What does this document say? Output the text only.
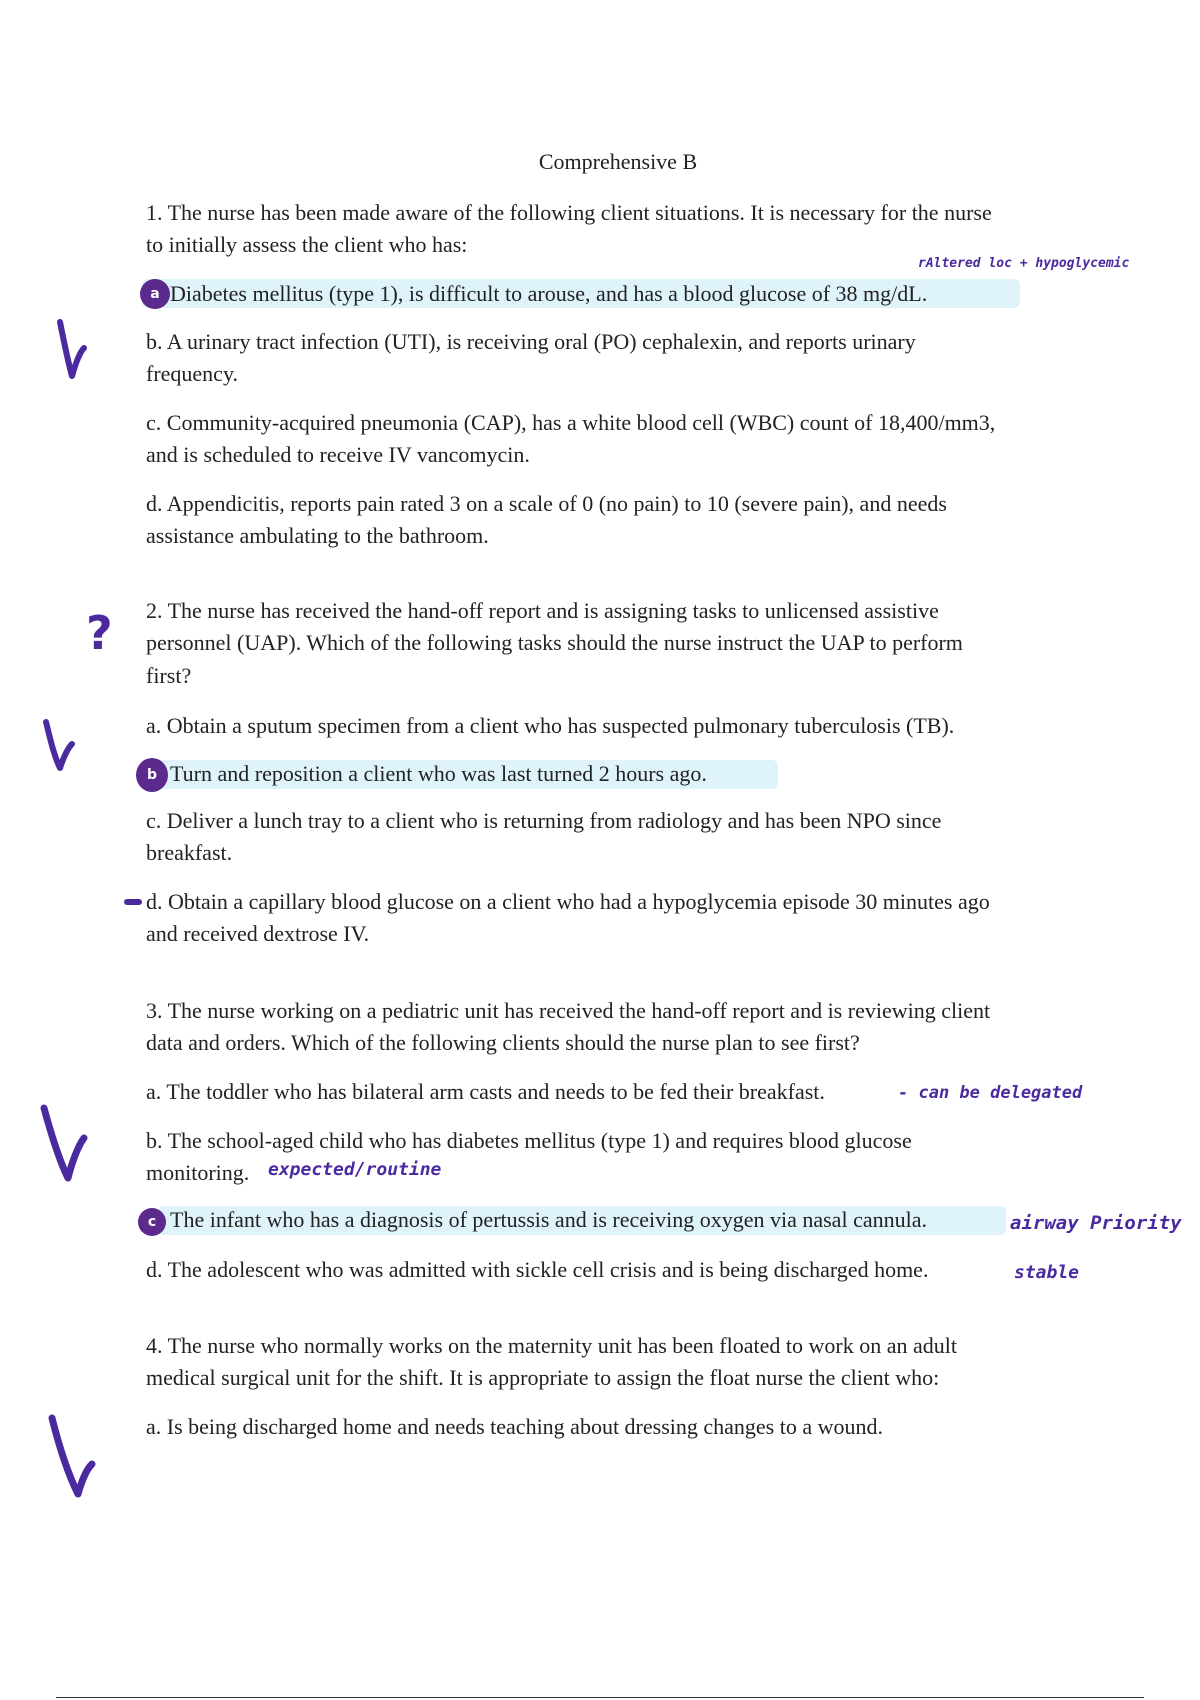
Comprehensive B
1. The nurse has been made aware of the following client situations. It is necessary for the nurse
to initially assess the client who has:
a Diabetes mellitus (type 1), is difficult to arouse, and has a blood glucose of 38 mg/dL.
rAltered loc + hypoglycemic
b. A urinary tract infection (UTI), is receiving oral (PO) cephalexin, and reports urinary
frequency.
c. Community-acquired pneumonia (CAP), has a white blood cell (WBC) count of 18,400/mm3,
and is scheduled to receive IV vancomycin.
d. Appendicitis, reports pain rated 3 on a scale of 0 (no pain) to 10 (severe pain), and needs
assistance ambulating to the bathroom.
2. The nurse has received the hand-off report and is assigning tasks to unlicensed assistive
personnel (UAP). Which of the following tasks should the nurse instruct the UAP to perform
first?
?
a. Obtain a sputum specimen from a client who has suspected pulmonary tuberculosis (TB).
b Turn and reposition a client who was last turned 2 hours ago.
c. Deliver a lunch tray to a client who is returning from radiology and has been NPO since
breakfast.
d. Obtain a capillary blood glucose on a client who had a hypoglycemia episode 30 minutes ago
and received dextrose IV.
3. The nurse working on a pediatric unit has received the hand-off report and is reviewing client
data and orders. Which of the following clients should the nurse plan to see first?
a. The toddler who has bilateral arm casts and needs to be fed their breakfast.	- can be delegated
b. The school-aged child who has diabetes mellitus (type 1) and requires blood glucose
monitoring. expected/routine
c The infant who has a diagnosis of pertussis and is receiving oxygen via nasal cannula.	airway Priority
d. The adolescent who was admitted with sickle cell crisis and is being discharged home.	stable
4. The nurse who normally works on the maternity unit has been floated to work on an adult
medical surgical unit for the shift. It is appropriate to assign the float nurse the client who:
a. Is being discharged home and needs teaching about dressing changes to a wound.
